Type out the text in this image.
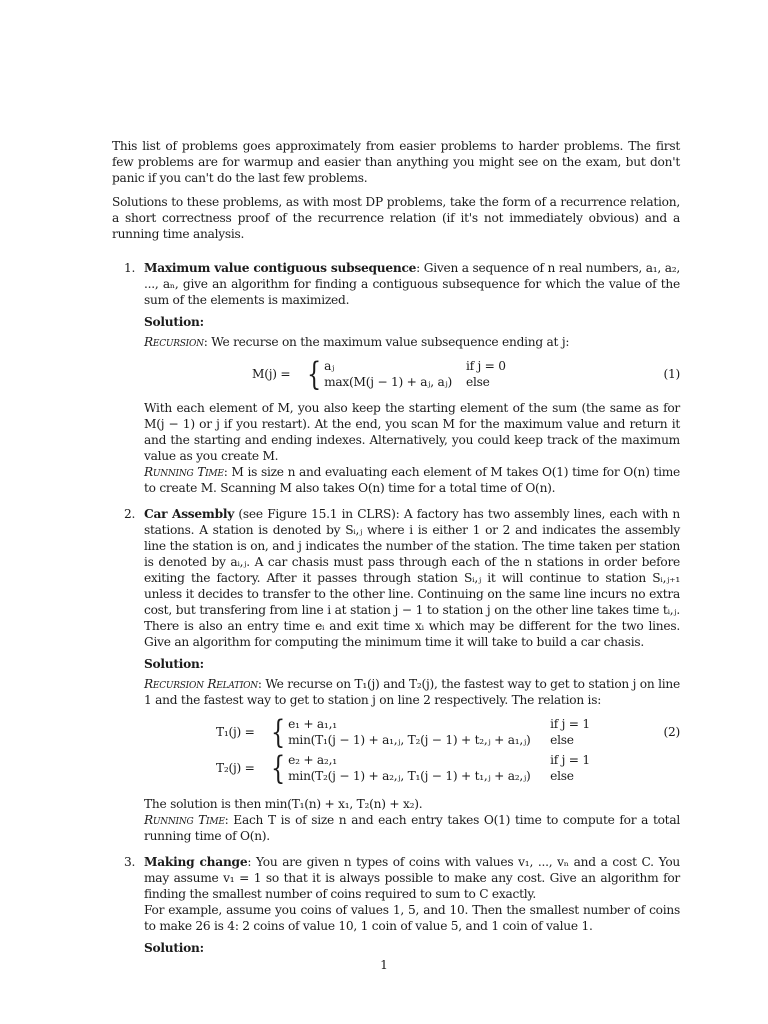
This list of problems goes approximately from easier problems to harder problems. The first few problems are for warmup and easier than anything you might see on the exam, but don't panic if you can't do the last few problems.

Solutions to these problems, as with most DP problems, take the form of a recurrence relation, a short correctness proof of the recurrence relation (if it's not immediately obvious) and a running time analysis.

1. Maximum value contiguous subsequence: Given a sequence of n real numbers, a₁, a₂, ..., aₙ, give an algorithm for finding a contiguous subsequence for which the value of the sum of the elements is maximized.

Solution:

Recursion: We recurse on the maximum value subsequence ending at j:

M(j) = { aⱼ	if j = 0
max(M(j − 1) + aⱼ, aⱼ) else
(1)

With each element of M, you also keep the starting element of the sum (the same as for M(j − 1) or j if you restart). At the end, you scan M for the maximum value and return it and the starting and ending indexes. Alternatively, you could keep track of the maximum value as you create M.

Running Time: M is size n and evaluating each element of M takes O(1) time for O(n) time to create M. Scanning M also takes O(n) time for a total time of O(n).

2. Car Assembly (see Figure 15.1 in CLRS): A factory has two assembly lines, each with n stations. A station is denoted by Sᵢ,ⱼ where i is either 1 or 2 and indicates the assembly line the station is on, and j indicates the number of the station. The time taken per station is denoted by aᵢ,ⱼ. A car chasis must pass through each of the n stations in order before exiting the factory. After it passes through station Sᵢ,ⱼ it will continue to station Sᵢ,ⱼ₊₁ unless it decides to transfer to the other line. Continuing on the same line incurs no extra cost, but transfering from line i at station j − 1 to station j on the other line takes time tᵢ,ⱼ. There is also an entry time eᵢ and exit time xᵢ which may be different for the two lines. Give an algorithm for computing the minimum time it will take to build a car chasis.

Solution:

Recursion Relation: We recurse on T₁(j) and T₂(j), the fastest way to get to station j on line 1 and the fastest way to get to station j on line 2 respectively. The relation is:

T₁(j) = { e₁ + a₁,₁	if j = 1
min(T₁(j − 1) + a₁,ⱼ, T₂(j − 1) + t₂,ⱼ + a₁,ⱼ)	else
(2)
T₂(j) = { e₂ + a₂,₁	if j = 1
min(T₂(j − 1) + a₂,ⱼ, T₁(j − 1) + t₁,ⱼ + a₂,ⱼ)	else

The solution is then min(T₁(n) + x₁, T₂(n) + x₂).

Running Time: Each T is of size n and each entry takes O(1) time to compute for a total running time of O(n).

3. Making change: You are given n types of coins with values v₁, ..., vₙ and a cost C. You may assume v₁ = 1 so that it is always possible to make any cost. Give an algorithm for finding the smallest number of coins required to sum to C exactly.

For example, assume you coins of values 1, 5, and 10. Then the smallest number of coins to make 26 is 4: 2 coins of value 10, 1 coin of value 5, and 1 coin of value 1.

Solution:
1
